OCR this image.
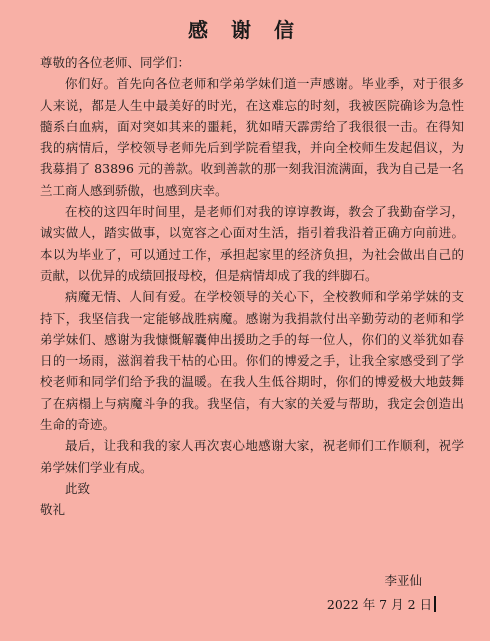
感 谢 信

尊敬的各位老师、同学们：

你们好。首先向各位老师和学弟学妹们道一声感谢。毕业季，对于很多人来说，都是人生中最美好的时光，在这难忘的时刻，我被医院确诊为急性髓系白血病，面对突如其来的噩耗，犹如晴天霹雳给了我很很一击。在得知我的病情后，学校领导老师先后到学院看望我，并向全校师生发起倡议，为我募捐了 83896 元的善款。收到善款的那一刻我泪流满面，我为自己是一名兰工商人感到骄傲，也感到庆幸。

在校的这四年时间里，是老师们对我的谆谆教诲，教会了我勤奋学习，诚实做人，踏实做事，以宽容之心面对生活，指引着我沿着正确方向前进。本以为毕业了，可以通过工作，承担起家里的经济负担，为社会做出自己的贡献，以优异的成绩回报母校，但是病情却成了我的绊脚石。

病魔无情、人间有爱。在学校领导的关心下，全校教师和学弟学妹的支持下，我坚信我一定能够战胜病魔。感谢为我捐款付出辛勤劳动的老师和学弟学妹们、感谢为我慷慨解囊伸出援助之手的每一位人，你们的义举犹如春日的一场雨，滋润着我干枯的心田。你们的博爱之手，让我全家感受到了学校老师和同学们给予我的温暖。在我人生低谷期时，你们的博爱极大地鼓舞了在病榻上与病魔斗争的我。我坚信，有大家的关爱与帮助，我定会创造出生命的奇迹。

最后，让我和我的家人再次衷心地感谢大家，祝老师们工作顺利，祝学弟学妹们学业有成。

此致

敬礼

李亚仙
2022 年 7 月 2 日
